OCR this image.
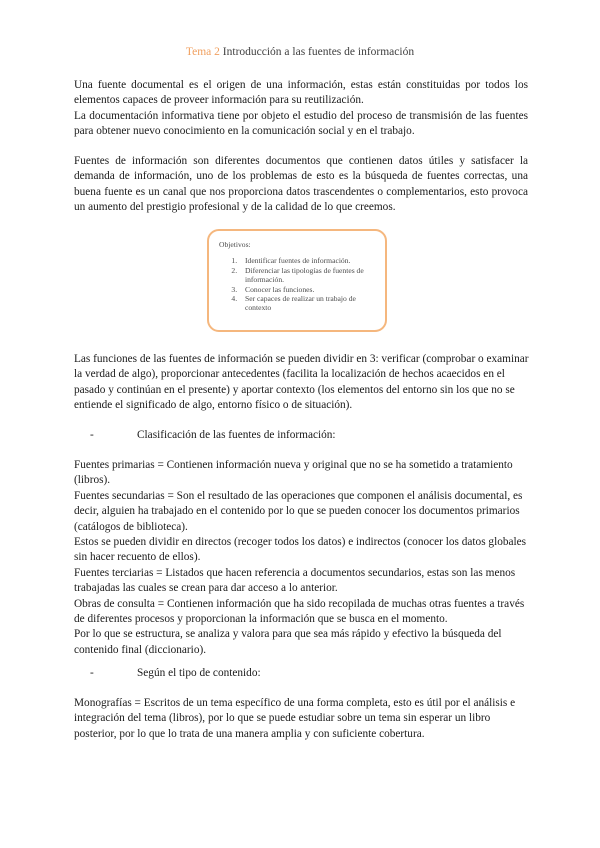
Tema 2 Introducción a las fuentes de información

Una fuente documental es el origen de una información, estas están constituidas por todos los elementos capaces de proveer información para su reutilización.

La documentación informativa tiene por objeto el estudio del proceso de transmisión de las fuentes para obtener nuevo conocimiento en la comunicación social y en el trabajo.

Fuentes de información son diferentes documentos que contienen datos útiles y satisfacer la demanda de información, uno de los problemas de esto es la búsqueda de fuentes correctas, una buena fuente es un canal que nos proporciona datos trascendentes o complementarios, esto provoca un aumento del prestigio profesional y de la calidad de lo que creemos.

Objetivos:
1. Identificar fuentes de información.
2. Diferenciar las tipologías de fuentes de información.
3. Conocer las funciones.
4. Ser capaces de realizar un trabajo de contexto

Las funciones de las fuentes de información se pueden dividir en 3: verificar (comprobar o examinar la verdad de algo), proporcionar antecedentes (facilita la localización de hechos acaecidos en el pasado y continúan en el presente) y aportar contexto (los elementos del entorno sin los que no se entiende el significado de algo, entorno físico o de situación).

-	Clasificación de las fuentes de información:

Fuentes primarias = Contienen información nueva y original que no se ha sometido a tratamiento (libros).

Fuentes secundarias = Son el resultado de las operaciones que componen el análisis documental, es decir, alguien ha trabajado en el contenido por lo que se pueden conocer los documentos primarios (catálogos de biblioteca).

Estos se pueden dividir en directos (recoger todos los datos) e indirectos (conocer los datos globales sin hacer recuento de ellos).

Fuentes terciarias = Listados que hacen referencia a documentos secundarios, estas son las menos trabajadas las cuales se crean para dar acceso a lo anterior.

Obras de consulta = Contienen información que ha sido recopilada de muchas otras fuentes a través de diferentes procesos y proporcionan la información que se busca en el momento.

Por lo que se estructura, se analiza y valora para que sea más rápido y efectivo la búsqueda del contenido final (diccionario).

-	Según el tipo de contenido:

Monografías = Escritos de un tema específico de una forma completa, esto es útil por el análisis e integración del tema (libros), por lo que se puede estudiar sobre un tema sin esperar un libro posterior, por lo que lo trata de una manera amplia y con suficiente cobertura.
